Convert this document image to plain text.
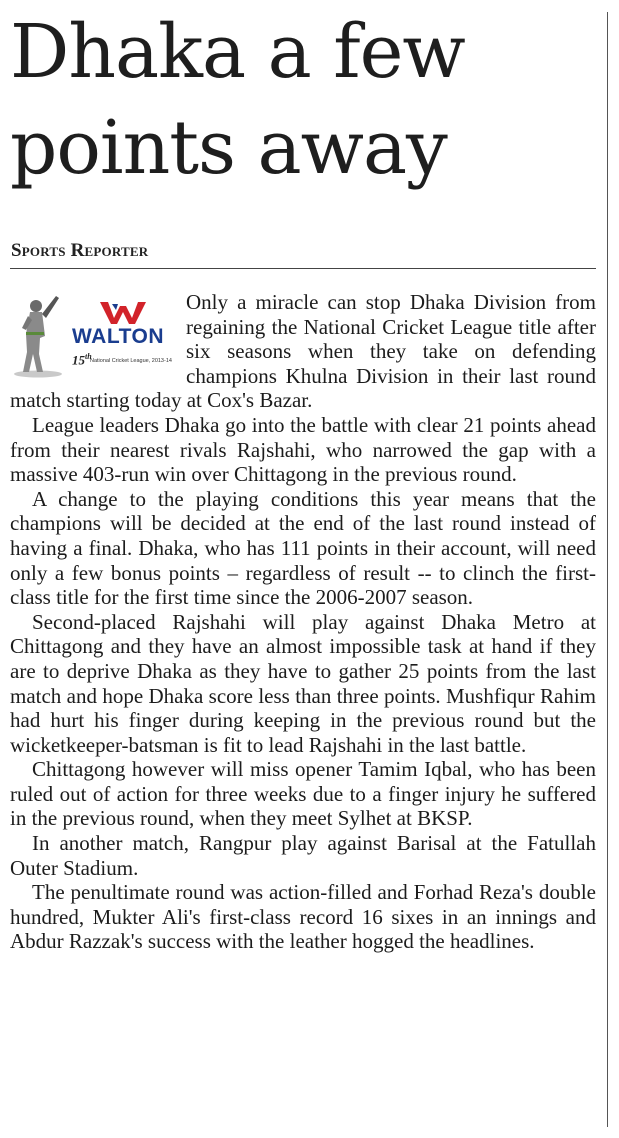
Dhaka a few points away
Sports Reporter
WALTON
15th
National Cricket League, 2013-14

Only a miracle can stop Dhaka Division from regaining the National Cricket League title after six seasons when they take on defending champions Khulna Division in their last round match starting today at Cox's Bazar.

League leaders Dhaka go into the battle with clear 21 points ahead from their nearest rivals Rajshahi, who narrowed the gap with a massive 403-run win over Chittagong in the previous round.

A change to the playing conditions this year means that the champions will be decided at the end of the last round instead of having a final. Dhaka, who has 111 points in their account, will need only a few bonus points – regardless of result -- to clinch the first-class title for the first time since the 2006-2007 season.

Second-placed Rajshahi will play against Dhaka Metro at Chittagong and they have an almost impossible task at hand if they are to deprive Dhaka as they have to gather 25 points from the last match and hope Dhaka score less than three points. Mushfiqur Rahim had hurt his finger during keeping in the previous round but the wicketkeeper-batsman is fit to lead Rajshahi in the last battle.

Chittagong however will miss opener Tamim Iqbal, who has been ruled out of action for three weeks due to a finger injury he suffered in the previous round, when they meet Sylhet at BKSP.

In another match, Rangpur play against Barisal at the Fatullah Outer Stadium.

The penultimate round was action-filled and Forhad Reza's double hundred, Mukter Ali's first-class record 16 sixes in an innings and Abdur Razzak's success with the leather hogged the headlines.
